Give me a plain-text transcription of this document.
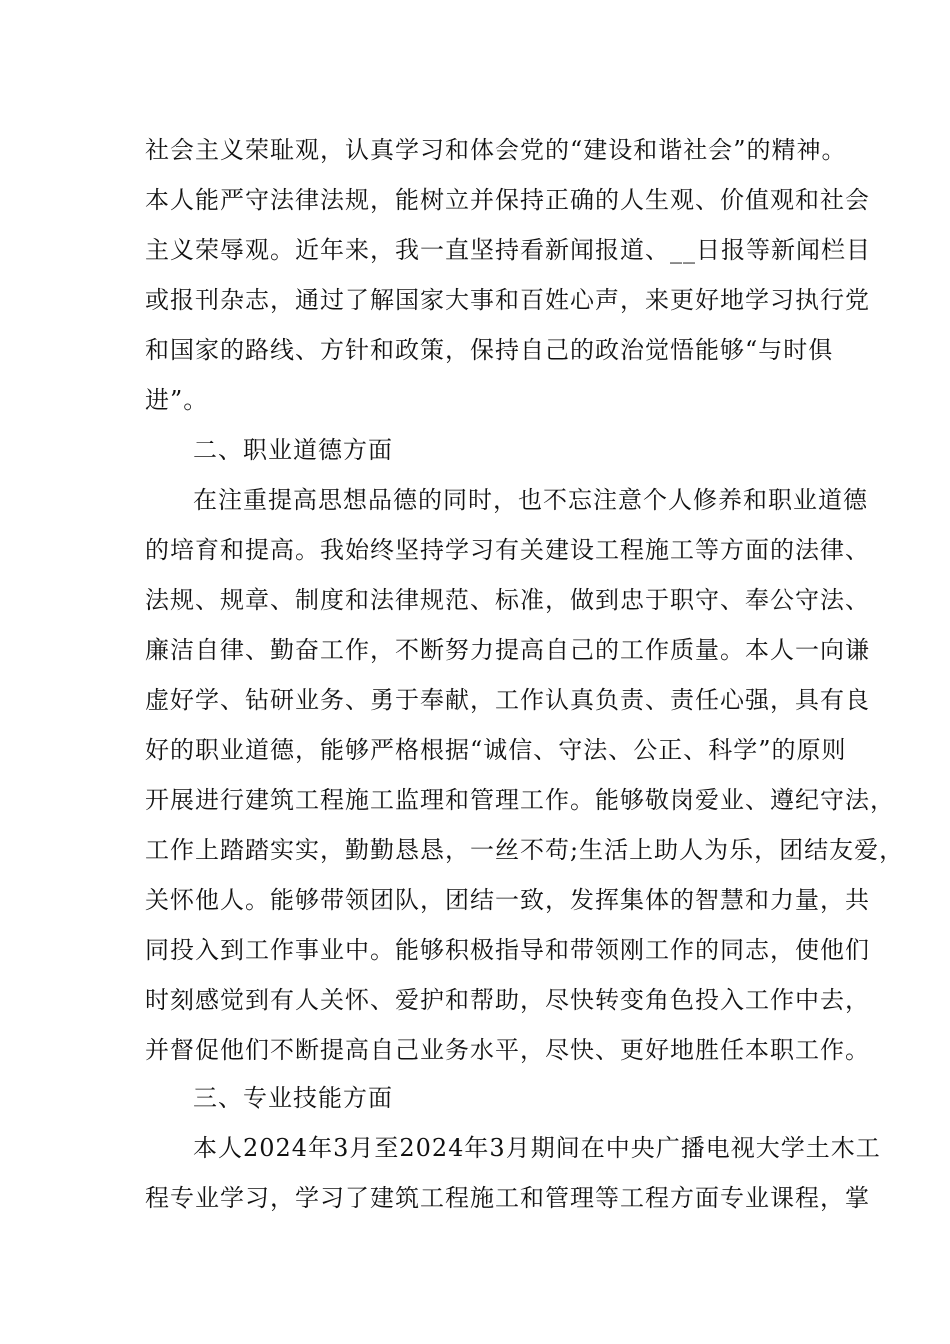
社会主义荣耻观，认真学习和体会党的“建设和谐社会”的精神。
本人能严守法律法规，能树立并保持正确的人生观、价值观和社会
主义荣辱观。近年来，我一直坚持看新闻报道、__日报等新闻栏目
或报刊杂志，通过了解国家大事和百姓心声，来更好地学习执行党
和国家的路线、方针和政策，保持自己的政治觉悟能够“与时俱
进”。
二、职业道德方面
在注重提高思想品德的同时，也不忘注意个人修养和职业道德
的培育和提高。我始终坚持学习有关建设工程施工等方面的法律、
法规、规章、制度和法律规范、标准，做到忠于职守、奉公守法、
廉洁自律、勤奋工作，不断努力提高自己的工作质量。本人一向谦
虚好学、钻研业务、勇于奉献，工作认真负责、责任心强，具有良
好的职业道德，能够严格根据“诚信、守法、公正、科学”的原则
开展进行建筑工程施工监理和管理工作。能够敬岗爱业、遵纪守法，
工作上踏踏实实，勤勤恳恳，一丝不苟;生活上助人为乐，团结友爱，
关怀他人。能够带领团队，团结一致，发挥集体的智慧和力量，共
同投入到工作事业中。能够积极指导和带领刚工作的同志，使他们
时刻感觉到有人关怀、爱护和帮助，尽快转变角色投入工作中去，
并督促他们不断提高自己业务水平，尽快、更好地胜任本职工作。
三、专业技能方面
本人2024年3月至2024年3月期间在中央广播电视大学土木工
程专业学习，学习了建筑工程施工和管理等工程方面专业课程，掌
